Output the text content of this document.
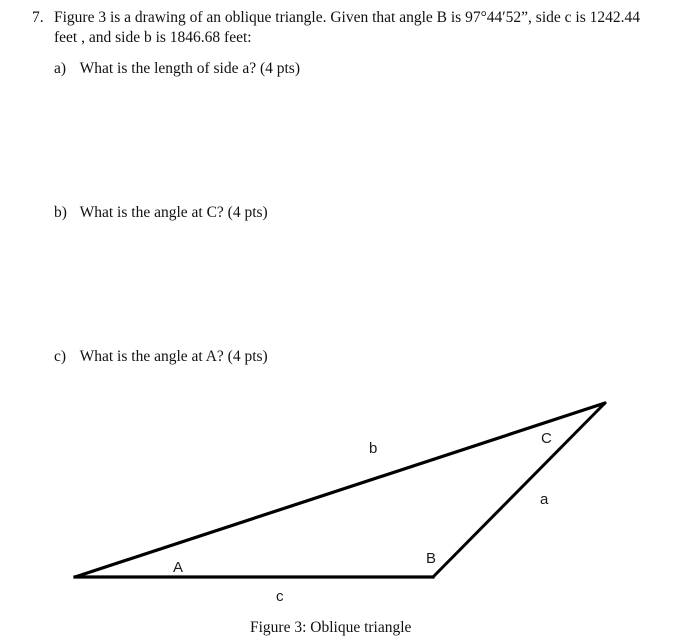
7. Figure 3 is a drawing of an oblique triangle. Given that angle B is 97°44′52”, side c is 1242.44 feet , and side b is 1846.68 feet:
a) What is the length of side a? (4 pts)
b) What is the angle at C? (4 pts)
c) What is the angle at A? (4 pts)
b
C
a
A
B
c
Figure 3: Oblique triangle
